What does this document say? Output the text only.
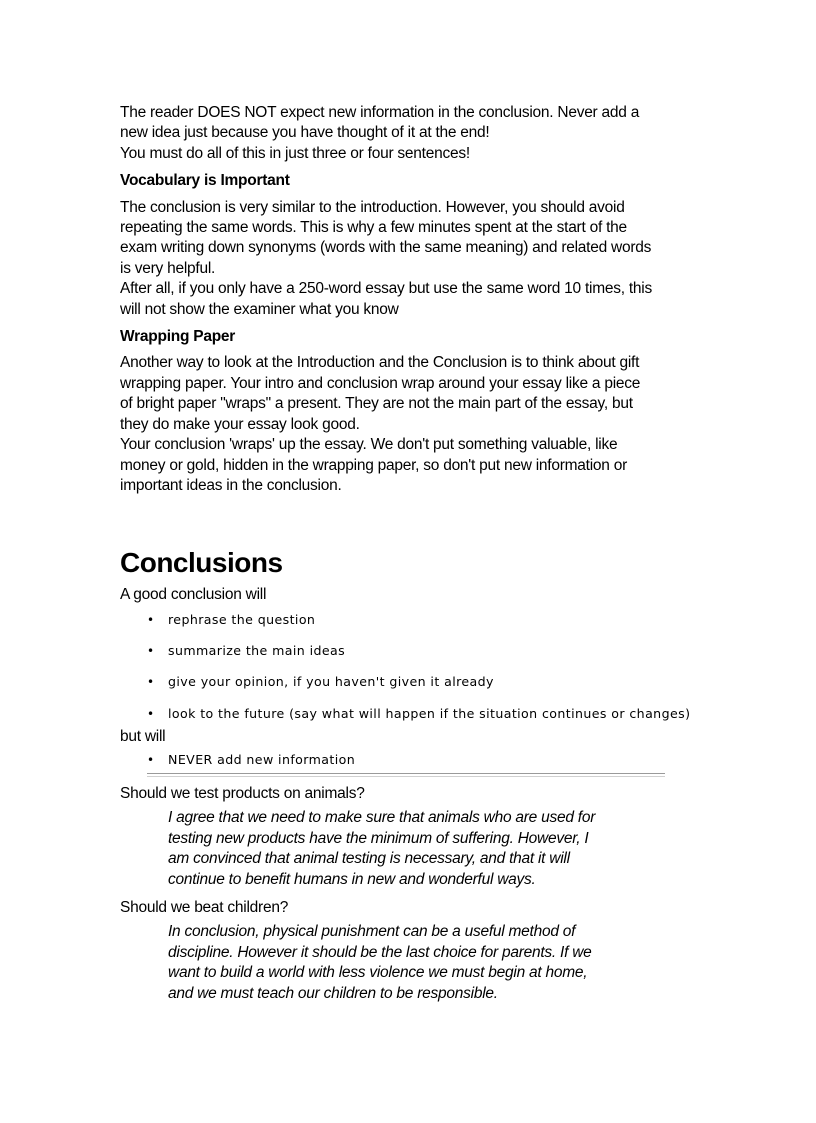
The reader DOES NOT expect new information in the conclusion. Never add a
new idea just because you have thought of it at the end!
You must do all of this in just three or four sentences!

Vocabulary is Important

The conclusion is very similar to the introduction. However, you should avoid
repeating the same words. This is why a few minutes spent at the start of the
exam writing down synonyms (words with the same meaning) and related words
is very helpful.
After all, if you only have a 250-word essay but use the same word 10 times, this
will not show the examiner what you know

Wrapping Paper

Another way to look at the Introduction and the Conclusion is to think about gift
wrapping paper. Your intro and conclusion wrap around your essay like a piece
of bright paper "wraps" a present. They are not the main part of the essay, but
they do make your essay look good.
Your conclusion 'wraps' up the essay. We don't put something valuable, like
money or gold, hidden in the wrapping paper, so don't put new information or
important ideas in the conclusion.

Conclusions
A good conclusion will
• rephrase the question
• summarize the main ideas
• give your opinion, if you haven't given it already
• look to the future (say what will happen if the situation continues or changes)
but will
• NEVER add new information
Should we test products on animals?

I agree that we need to make sure that animals who are used for
testing new products have the minimum of suffering. However, I
am convinced that animal testing is necessary, and that it will
continue to benefit humans in new and wonderful ways.

Should we beat children?

In conclusion, physical punishment can be a useful method of
discipline. However it should be the last choice for parents. If we
want to build a world with less violence we must begin at home,
and we must teach our children to be responsible.
